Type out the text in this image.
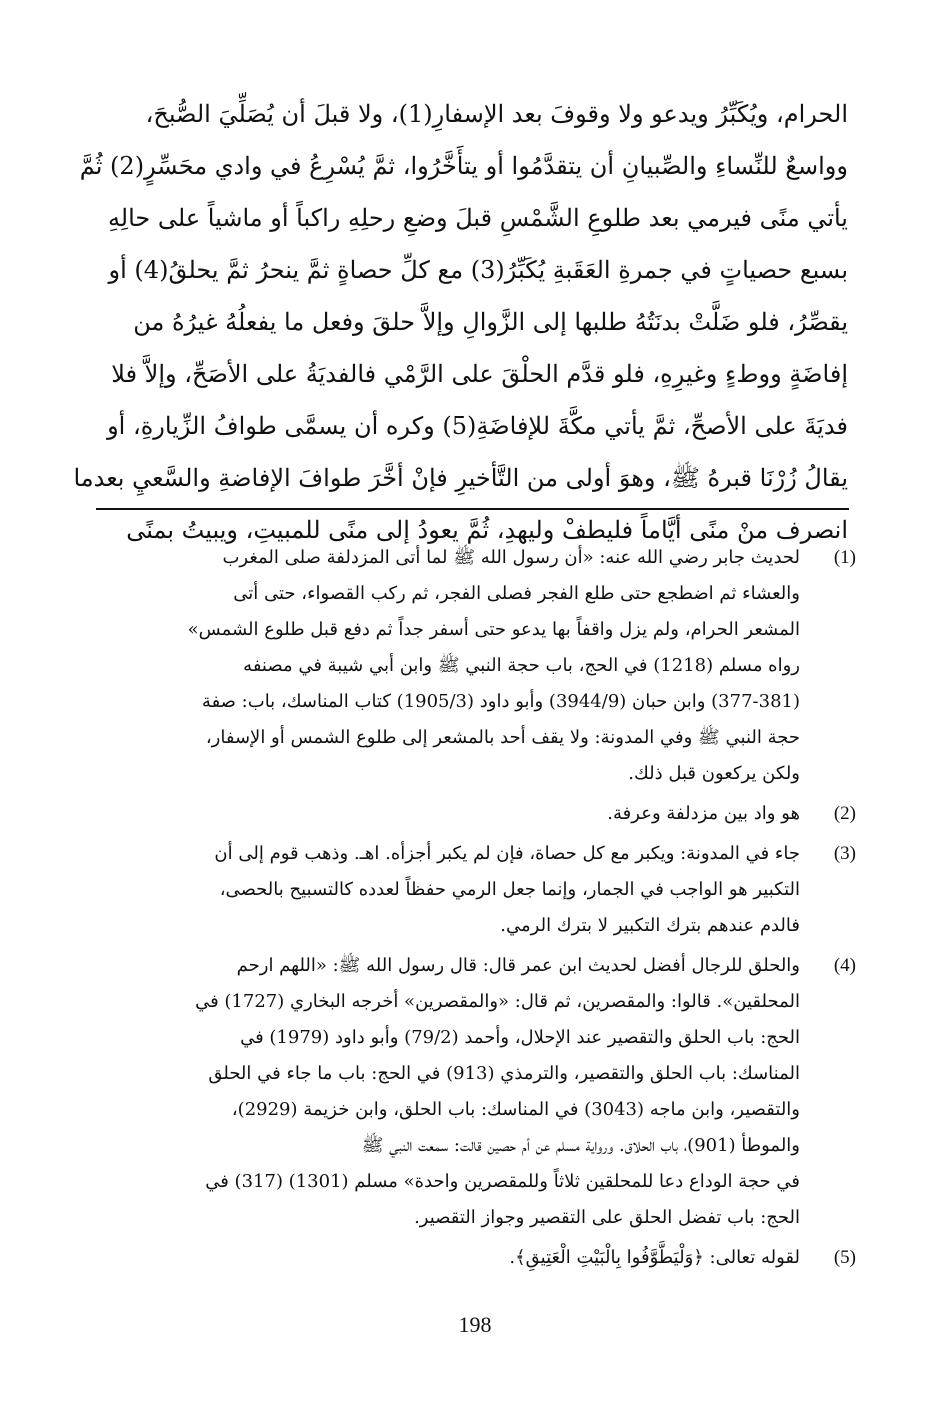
الحرام، ويُكَبِّرُ ويدعو ولا وقوفَ بعد الإسفارِ(1)، ولا قبلَ أن يُصَلِّيَ الصُّبحَ،
وواسعٌ للنِّساءِ والصِّبيانِ أن يتقدَّمُوا أو يتأَخَّرُوا، ثمَّ يُسْرِعُ في وادي محَسِّرٍ(2) ثُمَّ
يأتي منًى فيرمي بعد طلوعِ الشَّمْسِ قبلَ وضعِ رحلِهِ راكباً أو ماشياً على حالِهِ
بسبع حصياتٍ في جمرةِ العَقَبةِ يُكَبِّرُ(3) مع كلِّ حصاةٍ ثمَّ ينحرُ ثمَّ يحلقُ(4) أو
يقصِّرُ، فلو ضَلَّتْ بدنَتُهُ طلبها إلى الزَّوالِ وإلاَّ حلقَ وفعل ما يفعلُهُ غيرُهُ من
إفاضَةٍ ووطءٍ وغيرِهِ، فلو قدَّم الحلْقَ على الرَّمْي فالفديَةُ على الأصَحِّ، وإلاَّ فلا
فديَةَ على الأصحِّ، ثمَّ يأتي مكَّةَ للإفاضَةِ(5) وكره أن يسمَّى طوافُ الزِّيارةِ، أو
يقالُ زُرْنَا قبرهُ ﷺ، وهوَ أولى من التَّأخيرِ فإنْ أخَّرَ طوافَ الإفاضةِ والسَّعيِ بعدما
انصرف منْ منًى أيَّاماً فليطفْ وليهدِ، ثُمَّ يعودُ إلى منًى للمبيتِ، ويبيتُ بمنًى
(1)
لحديث جابر رضي الله عنه: «أن رسول الله ﷺ لما أتى المزدلفة صلى المغرب
والعشاء ثم اضطجع حتى طلع الفجر فصلى الفجر، ثم ركب القصواء، حتى أتى
المشعر الحرام، ولم يزل واقفاً بها يدعو حتى أسفر جداً ثم دفع قبل طلوع الشمس»
رواه مسلم (1218) في الحج، باب حجة النبي ﷺ وابن أبي شيبة في مصنفه
(377-381) وابن حبان (3944/9) وأبو داود (1905/3) كتاب المناسك، باب: صفة
حجة النبي ﷺ وفي المدونة: ولا يقف أحد بالمشعر إلى طلوع الشمس أو الإسفار،
ولكن يركعون قبل ذلك.
(2)
هو واد بين مزدلفة وعرفة.
(3)
جاء في المدونة: ويكبر مع كل حصاة، فإن لم يكبر أجزأه. اهـ. وذهب قوم إلى أن
التكبير هو الواجب في الجمار، وإنما جعل الرمي حفظاً لعدده كالتسبيح بالحصى،
فالدم عندهم بترك التكبير لا بترك الرمي.
(4)
والحلق للرجال أفضل لحديث ابن عمر قال: قال رسول الله ﷺ: «اللهم ارحم
المحلقين». قالوا: والمقصرين، ثم قال: «والمقصرين» أخرجه البخاري (1727) في
الحج: باب الحلق والتقصير عند الإحلال، وأحمد (79/2) وأبو داود (1979) في
المناسك: باب الحلق والتقصير، والترمذي (913) في الحج: باب ما جاء في الحلق
والتقصير، وابن ماجه (3043) في المناسك: باب الحلق، وابن خزيمة (2929)،
والموطأ (901)، باب الحلاق. ورواية مسلم عن أم حصين قالت: سمعت النبي ﷺ
في حجة الوداع دعا للمحلقين ثلاثاً وللمقصرين واحدة» مسلم (1301) (317) في
الحج: باب تفضل الحلق على التقصير وجواز التقصير.
(5)
لقوله تعالى: ﴿وَلْيَطَّوَّفُوا بِالْبَيْتِ الْعَتِيقِ﴾.
198
